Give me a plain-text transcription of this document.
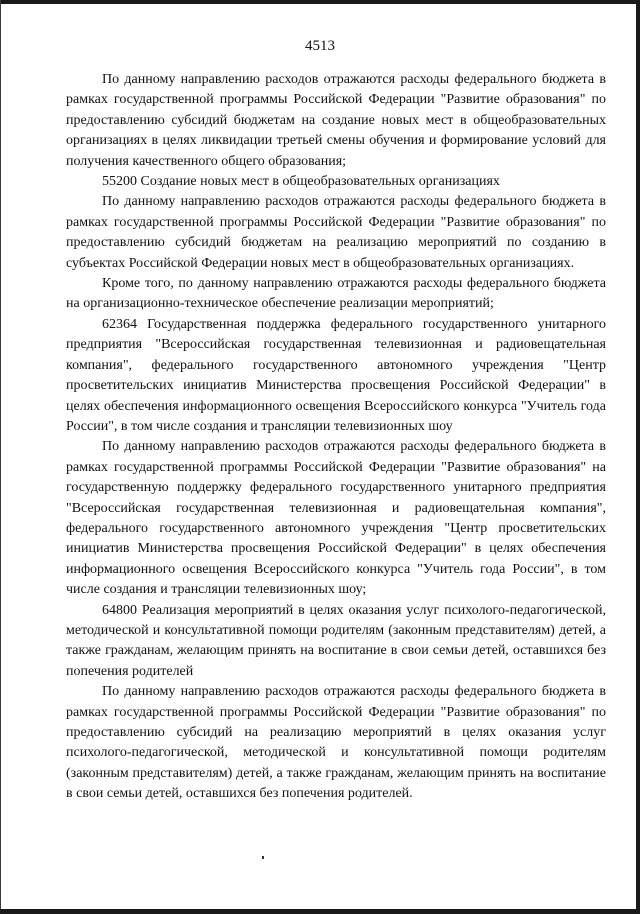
4513

По данному направлению расходов отражаются расходы федерального бюджета в рамках государственной программы Российской Федерации "Развитие образования" по предоставлению субсидий бюджетам на создание новых мест в общеобразовательных организациях в целях ликвидации третьей смены обучения и формирование условий для получения качественного общего образования;

55200 Создание новых мест в общеобразовательных организациях

По данному направлению расходов отражаются расходы федерального бюджета в рамках государственной программы Российской Федерации "Развитие образования" по предоставлению субсидий бюджетам на реализацию мероприятий по созданию в субъектах Российской Федерации новых мест в общеобразовательных организациях.

Кроме того, по данному направлению отражаются расходы федерального бюджета на организационно-техническое обеспечение реализации мероприятий;

62364 Государственная поддержка федерального государственного унитарного предприятия "Всероссийская государственная телевизионная и радиовещательная компания", федерального государственного автономного учреждения "Центр просветительских инициатив Министерства просвещения Российской Федерации" в целях обеспечения информационного освещения Всероссийского конкурса "Учитель года России", в том числе создания и трансляции телевизионных шоу

По данному направлению расходов отражаются расходы федерального бюджета в рамках государственной программы Российской Федерации "Развитие образования" на государственную поддержку федерального государственного унитарного предприятия "Всероссийская государственная телевизионная и радиовещательная компания", федерального государственного автономного учреждения "Центр просветительских инициатив Министерства просвещения Российской Федерации" в целях обеспечения информационного освещения Всероссийского конкурса "Учитель года России", в том числе создания и трансляции телевизионных шоу;

64800 Реализация мероприятий в целях оказания услуг психолого-педагогической, методической и консультативной помощи родителям (законным представителям) детей, а также гражданам, желающим принять на воспитание в свои семьи детей, оставшихся без попечения родителей

По данному направлению расходов отражаются расходы федерального бюджета в рамках государственной программы Российской Федерации "Развитие образования" по предоставлению субсидий на реализацию мероприятий в целях оказания услуг психолого-педагогической, методической и консультативной помощи родителям (законным представителям) детей, а также гражданам, желающим принять на воспитание в свои семьи детей, оставшихся без попечения родителей.
